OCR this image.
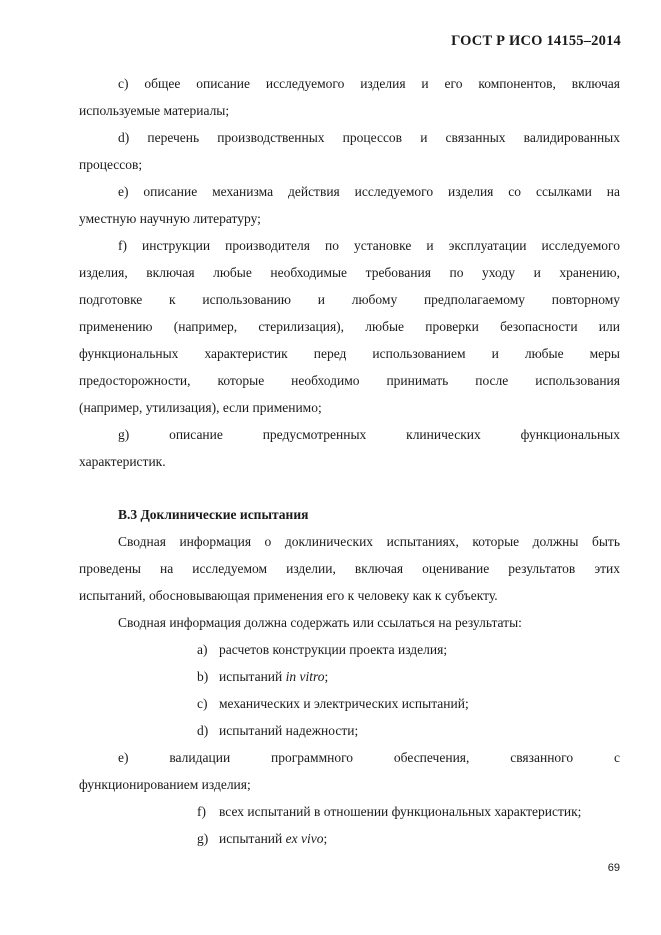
ГОСТ Р ИСО 14155–2014
c) общее описание исследуемого изделия и его компонентов, включая
используемые материалы;
d) перечень производственных процессов и связанных валидированных
процессов;
e) описание механизма действия исследуемого изделия со ссылками на
уместную научную литературу;
f) инструкции производителя по установке и эксплуатации исследуемого
изделия, включая любые необходимые требования по уходу и хранению,
подготовке к использованию и любому предполагаемому повторному
применению (например, стерилизация), любые проверки безопасности или
функциональных характеристик перед использованием и любые меры
предосторожности, которые необходимо принимать после использования
(например, утилизация), если применимо;
g) описание предусмотренных клинических функциональных
характеристик.
B.3 Доклинические испытания
Сводная информация о доклинических испытаниях, которые должны быть
проведены на исследуемом изделии, включая оценивание результатов этих
испытаний, обосновывающая применения его к человеку как к субъекту.
Сводная информация должна содержать или ссылаться на результаты:
a) расчетов конструкции проекта изделия;
b) испытаний in vitro;
c) механических и электрических испытаний;
d) испытаний надежности;
e) валидации программного обеспечения, связанного с
функционированием изделия;
f) всех испытаний в отношении функциональных характеристик;
g) испытаний ex vivo;
69
